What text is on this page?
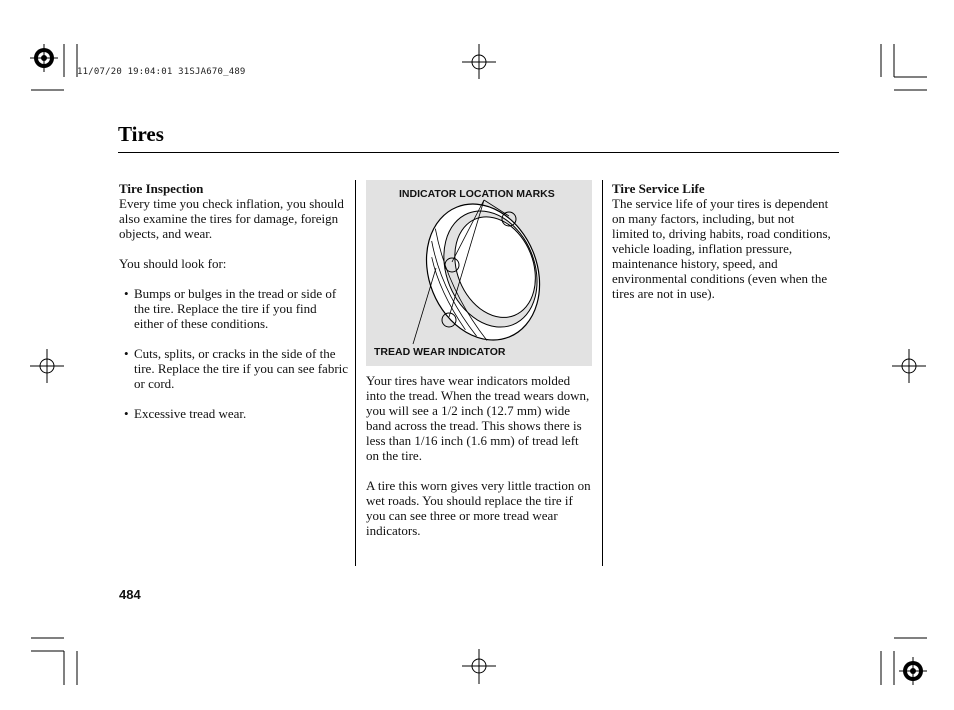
11/07/20 19:04:01 31SJA670_489
Tires

Tire Inspection

Every time you check inflation, you should also examine the tires for damage, foreign objects, and wear.

You should look for:

• Bumps or bulges in the tread or side of the tire. Replace the tire if you find either of these conditions.
• Cuts, splits, or cracks in the side of the tire. Replace the tire if you can see fabric or cord.
• Excessive tread wear.
INDICATOR LOCATION MARKS
TREAD WEAR INDICATOR

Your tires have wear indicators molded into the tread. When the tread wears down, you will see a 1/2 inch (12.7 mm) wide band across the tread. This shows there is less than 1/16 inch (1.6 mm) of tread left on the tire.

A tire this worn gives very little traction on wet roads. You should replace the tire if you can see three or more tread wear indicators.

Tire Service Life

The service life of your tires is dependent on many factors, including, but not limited to, driving habits, road conditions, vehicle loading, inflation pressure, maintenance history, speed, and environmental conditions (even when the tires are not in use).

484
